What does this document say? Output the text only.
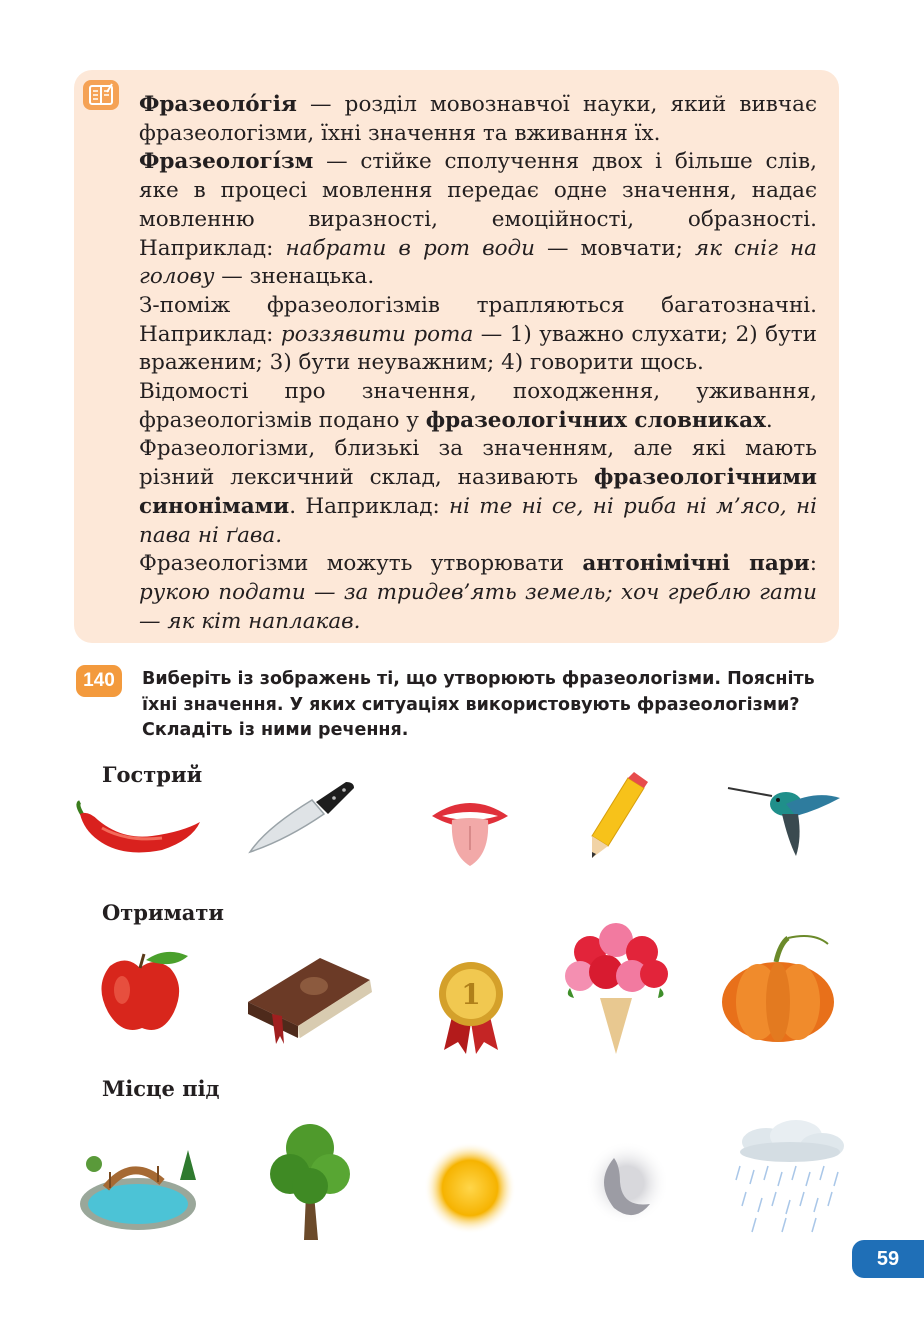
Фразеоло́гія — розділ мовознавчої науки, який вивчає фразеологізми, їхні значення та вживання їх.

Фразеологі́зм — стійке сполучення двох і більше слів, яке в процесі мовлення передає одне значення, надає мовленню виразності, емоційності, образності. Наприклад: набрати в рот води — мовчати; як сніг на голову — зненацька.

З-поміж фразеологізмів трапляються багатозначні. Наприклад: роззявити рота — 1) уважно слухати; 2) бути враженим; 3) бути неуважним; 4) говорити щось.

Відомості про значення, походження, уживання, фразеологізмів подано у фразеологічних словниках.

Фразеологізми, близькі за значенням, але які мають різний лексичний склад, називають фразеологічними синонімами. Наприклад: ні те ні се, ні риба ні м’ясо, ні пава ні ґава.

Фразеологізми можуть утворювати антонімічні пари: рукою подати — за тридев’ять земель; хоч греблю гати — як кіт наплакав.

140	Виберіть із зображень ті, що утворюють фразеологізми. Поясніть
їхні значення. У яких ситуаціях використовують фразеологізми?
Складіть із ними речення.
Гострий
Отримати
1
Місце під
59
